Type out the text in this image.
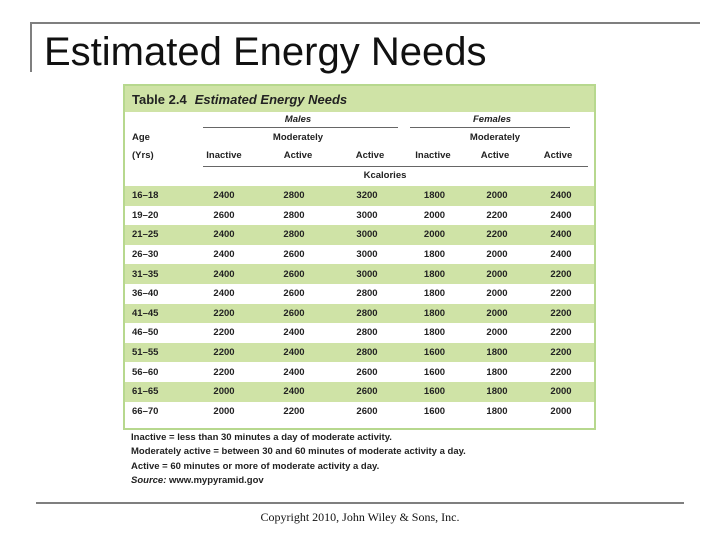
Estimated Energy Needs
Table 2.4 Estimated Energy Needs
Males	Females
Age	Moderately	Moderately
(Yrs)	Inactive	Active	Active	Inactive	Active	Active
Kcalories
16–18	2400	2800	3200	1800	2000	2400
19–20	2600	2800	3000	2000	2200	2400
21–25	2400	2800	3000	2000	2200	2400
26–30	2400	2600	3000	1800	2000	2400
31–35	2400	2600	3000	1800	2000	2200
36–40	2400	2600	2800	1800	2000	2200
41–45	2200	2600	2800	1800	2000	2200
46–50	2200	2400	2800	1800	2000	2200
51–55	2200	2400	2800	1600	1800	2200
56–60	2200	2400	2600	1600	1800	2200
61–65	2000	2400	2600	1600	1800	2000
66–70	2000	2200	2600	1600	1800	2000
Inactive = less than 30 minutes a day of moderate activity.
Moderately active = between 30 and 60 minutes of moderate activity a day.
Active = 60 minutes or more of moderate activity a day.
Source: www.mypyramid.gov
Copyright 2010, John Wiley & Sons, Inc.
